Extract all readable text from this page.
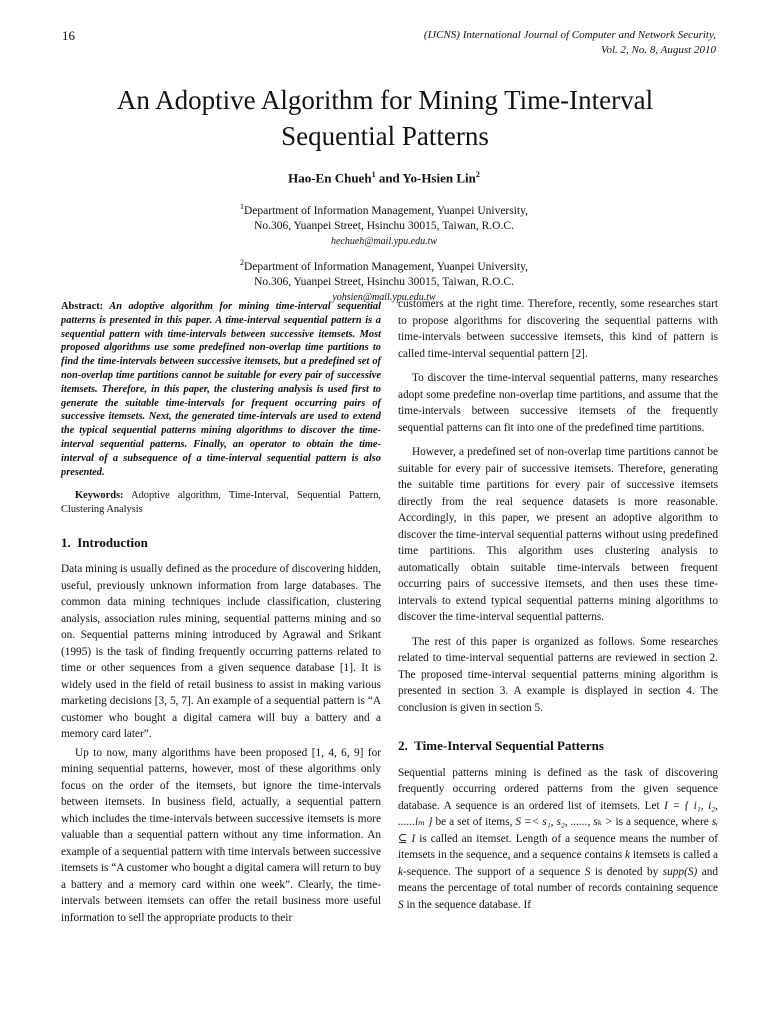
16	(IJCNS) International Journal of Computer and Network Security,
Vol. 2, No. 8, August 2010
An Adoptive Algorithm for Mining Time-Interval
Sequential Patterns
Hao-En Chueh$^1$ and Yo-Hsien Lin$^2$
$^1$Department of Information Management, Yuanpei University,
No.306, Yuanpei Street, Hsinchu 30015, Taiwan, R.O.C.
hechueh@mail.ypu.edu.tw
$^2$Department of Information Management, Yuanpei University,
No.306, Yuanpei Street, Hsinchu 30015, Taiwan, R.O.C.
yohsien@mail.ypu.edu.tw

Abstract: An adoptive algorithm for mining time-interval sequential patterns is presented in this paper. A time-interval sequential pattern is a sequential pattern with time-intervals between successive itemsets. Most proposed algorithms use some predefined non-overlap time partitions to find the time-intervals between successive itemsets, but a predefined set of non-overlap time partitions cannot be suitable for every pair of successive itemsets. Therefore, in this paper, the clustering analysis is used first to generate the suitable time-intervals for frequent occurring pairs of successive itemsets. Next, the generated time-intervals are used to extend the typical sequential patterns mining algorithms to discover the time-interval sequential patterns. Finally, an operator to obtain the time-interval of a subsequence of a time-interval sequential pattern is also presented.

Keywords: Adoptive algorithm, Time-Interval, Sequential Pattern, Clustering Analysis

1.  Introduction

Data mining is usually defined as the procedure of discovering hidden, useful, previously unknown information from large databases. The common data mining techniques include classification, clustering analysis, association rules mining, sequential patterns mining and so on. Sequential patterns mining introduced by Agrawal and Srikant (1995) is the task of finding frequently occurring patterns related to time or other sequences from a given sequence database [1]. It is widely used in the field of retail business to assist in making various marketing decisions [3, 5, 7]. An example of a sequential pattern is “A customer who bought a digital camera will buy a battery and a memory card later”.

Up to now, many algorithms have been proposed [1, 4, 6, 9] for mining sequential patterns, however, most of these algorithms only focus on the order of the itemsets, but ignore the time-intervals between itemsets. In business field, actually, a sequential pattern which includes the time-intervals between successive itemsets is more valuable than a sequential pattern without any time information. An example of a sequential pattern with time intervals between successive itemsets is “A customer who bought a digital camera will return to buy a battery and a memory card within one week”. Clearly, the time-intervals between itemsets can offer the retail business more useful information to sell the appropriate products to their

customers at the right time. Therefore, recently, some researches start to propose algorithms for discovering the sequential patterns with time-intervals between successive itemsets, this kind of pattern is called time-interval sequential pattern [2].

To discover the time-interval sequential patterns, many researches adopt some predefine non-overlap time partitions, and assume that the time-intervals between successive itemsets of the frequently sequential patterns can fit into one of the predefined time partitions.

However, a predefined set of non-overlap time partitions cannot be suitable for every pair of successive itemsets. Therefore, generating the suitable time partitions for every pair of successive itemsets directly from the real sequence datasets is more reasonable. Accordingly, in this paper, we present an adoptive algorithm to discover the time-interval sequential patterns without using predefined time partitions. This algorithm uses clustering analysis to automatically obtain suitable time-intervals between frequent occurring pairs of successive itemsets, and then uses these time-intervals to extend typical sequential patterns mining algorithms to discover the time-interval sequential patterns.

The rest of this paper is organized as follows. Some researches related to time-interval sequential patterns are reviewed in section 2. The proposed time-interval sequential patterns mining algorithm is presented in section 3. A example is displayed in section 4. The conclusion is given in section 5.

2.  Time-Interval Sequential Patterns

Sequential patterns mining is defined as the task of discovering frequently occurring ordered patterns from the given sequence database. A sequence is an ordered list of itemsets. Let I = { i₁, i₂, ......iₘ } be a set of items, S =< s₁, s₂, ......, sₖ > is a sequence, where sᵢ ⊆ I is called an itemset. Length of a sequence means the number of itemsets in the sequence, and a sequence contains k itemsets is called a k-sequence. The support of a sequence S is denoted by supp(S) and means the percentage of total number of records containing sequence S in the sequence database. If
